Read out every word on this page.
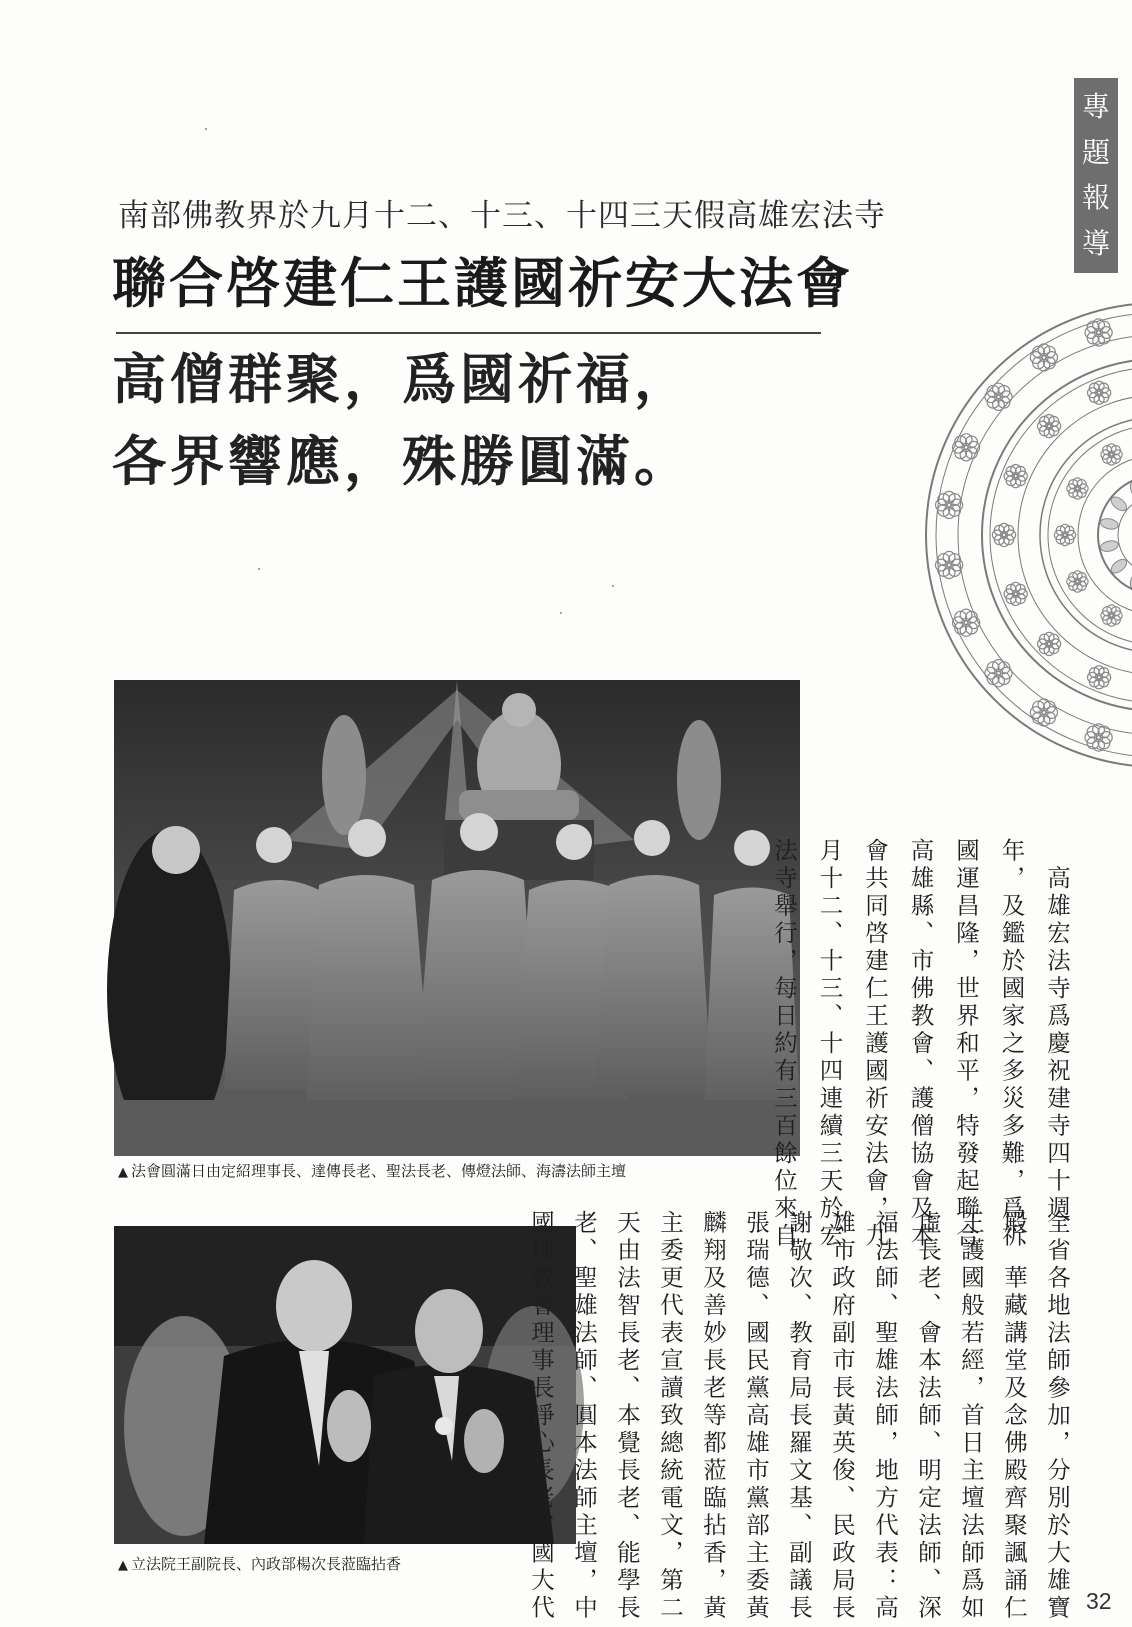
專
題
報
導
南部佛教界於九月十二、十三、十四三天假高雄宏法寺
聯合啓建仁王護國祈安大法會
高僧群聚，爲國祈福，
各界響應，殊勝圓滿。
▲ 法會圓滿日由定紹理事長、達傳長老、聖法長老、傳燈法師、海濤法師主壇
▲ 立法院王副院長、內政部楊次長蒞臨拈香
　高雄宏法寺爲慶祝建寺四十週
年，及鑑於國家之多災多難，爲祈
國運昌隆，世界和平，特發起聯合
高雄縣、市佛教會、護僧協會及本
會共同啓建仁王護國祈安法會，九
月十二、十三、十四連續三天於宏
法寺舉行，每日約有三百餘位來自
全省各地法師參加，分別於大雄寶
殿、華藏講堂及念佛殿齊聚諷誦仁
王護國般若經，首日主壇法師爲如
虛長老、會本法師、明定法師、深
福法師、聖雄法師，地方代表：高
雄市政府副市長黃英俊、民政局長
謝敬次、教育局長羅文基、副議長
張瑞德、國民黨高雄市黨部主委黃
麟翔及善妙長老等都蒞臨拈香，黃
主委更代表宣讀致總統電文，第二
天由法智長老、本覺長老、能學長
老、聖雄法師、圓本法師主壇，中
國佛教會理事長淨心長老、國大代	32
